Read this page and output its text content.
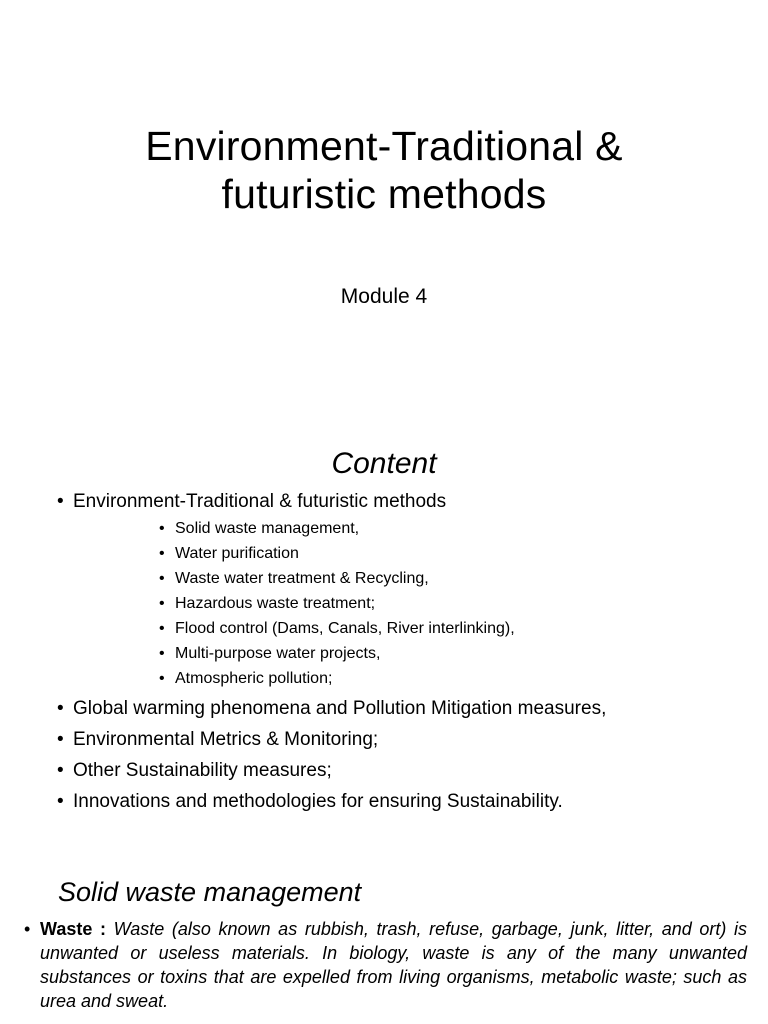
Environment-Traditional &
futuristic methods
Module 4
Content
• Environment-Traditional & futuristic methods
• Solid waste management,
• Water purification
• Waste water treatment & Recycling,
• Hazardous waste treatment;
• Flood control (Dams, Canals, River interlinking),
• Multi-purpose water projects,
• Atmospheric pollution;
• Global warming phenomena and Pollution Mitigation measures,
• Environmental Metrics & Monitoring;
• Other Sustainability measures;
• Innovations and methodologies for ensuring Sustainability.
Solid waste management
• Waste : Waste (also known as rubbish, trash, refuse, garbage, junk, litter, and ort) is unwanted or useless materials. In biology, waste is any of the many unwanted substances or toxins that are expelled from living organisms, metabolic waste; such as urea and sweat.
